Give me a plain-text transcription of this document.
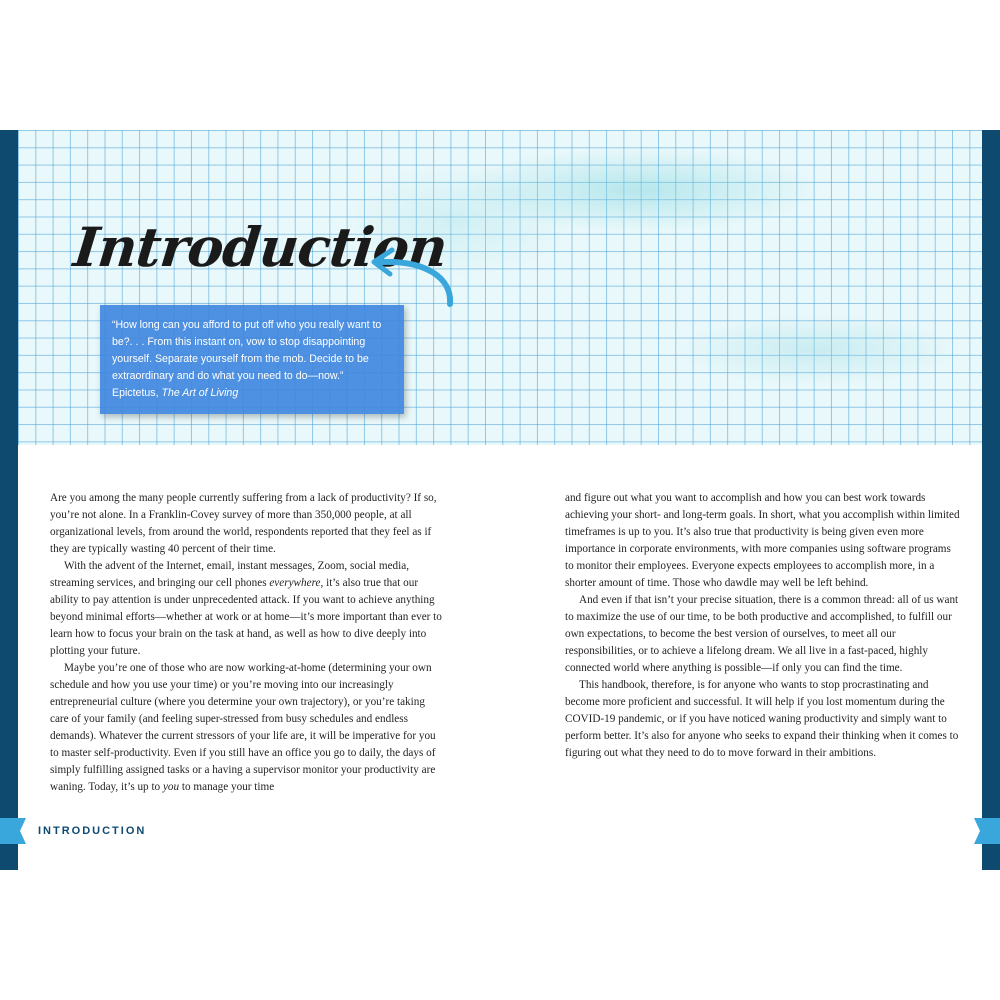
Introduction

“How long can you afford to put off who you really want to be?. . . From this instant on, vow to stop disappointing yourself. Separate yourself from the mob. Decide to be extraordinary and do what you need to do—now.”

Epictetus, The Art of Living

Are you among the many people currently suffering from a lack of productivity? If so, you’re not alone. In a Franklin-Covey survey of more than 350,000 people, at all organizational levels, from around the world, respondents reported that they feel as if they are typically wasting 40 percent of their time.

With the advent of the Internet, email, instant messages, Zoom, social media, streaming services, and bringing our cell phones everywhere, it’s also true that our ability to pay attention is under unprecedented attack. If you want to achieve anything beyond minimal efforts—whether at work or at home—it’s more important than ever to learn how to focus your brain on the task at hand, as well as how to dive deeply into plotting your future.

Maybe you’re one of those who are now working-at-home (determining your own schedule and how you use your time) or you’re moving into our increasingly entrepreneurial culture (where you determine your own trajectory), or you’re taking care of your family (and feeling super-stressed from busy schedules and endless demands). Whatever the current stressors of your life are, it will be imperative for you to master self-productivity. Even if you still have an office you go to daily, the days of simply fulfilling assigned tasks or a having a supervisor monitor your productivity are waning. Today, it’s up to you to manage your time

and figure out what you want to accomplish and how you can best work towards achieving your short- and long-term goals. In short, what you accomplish within limited timeframes is up to you. It’s also true that productivity is being given even more importance in corporate environments, with more companies using software programs to monitor their employees. Everyone expects employees to accomplish more, in a shorter amount of time. Those who dawdle may well be left behind.

And even if that isn’t your precise situation, there is a common thread: all of us want to maximize the use of our time, to be both productive and accomplished, to fulfill our own expectations, to become the best version of ourselves, to meet all our responsibilities, or to achieve a lifelong dream. We all live in a fast-paced, highly connected world where anything is possible—if only you can find the time.

This handbook, therefore, is for anyone who wants to stop procrastinating and become more proficient and successful. It will help if you lost momentum during the COVID-19 pandemic, or if you have noticed waning productivity and simply want to perform better. It’s also for anyone who seeks to expand their thinking when it comes to figuring out what they need to do to move forward in their ambitions.

INTRODUCTION
